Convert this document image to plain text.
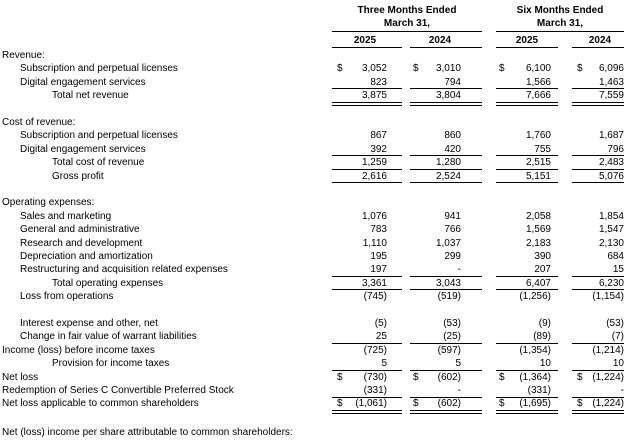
Three Months Ended
March 31,
Six Months Ended
March 31,
2025	2024	2025	2024
Revenue:
Subscription and perpetual licenses	$	3,052	$	3,010	$	6,100	$	6,096
Digital engagement services	823	794	1,566	1,463
Total net revenue	3,875	3,804	7,666	7,559
Cost of revenue:
Subscription and perpetual licenses	867	860	1,760	1,687
Digital engagement services	392	420	755	796
Total cost of revenue	1,259	1,280	2,515	2,483
Gross profit	2,616	2,524	5,151	5,076
Operating expenses:
Sales and marketing	1,076	941	2,058	1,854
General and administrative	783	766	1,569	1,547
Research and development	1,110	1,037	2,183	2,130
Depreciation and amortization	195	299	390	684
Restructuring and acquisition related expenses	197	-	207	15
Total operating expenses	3,361	3,043	6,407	6,230
Loss from operations	(745)	(519)	(1,256)	(1,154)
Interest expense and other, net	(5)	(53)	(9)	(53)
Change in fair value of warrant liabilities	25	(25)	(89)	(7)
Income (loss) before income taxes	(725)	(597)	(1,354)	(1,214)
Provision for income taxes	5	5	10	10
Net loss	$	(730)	$	(602)	$	(1,364)	$ (1,224)
Redemption of Series C Convertible Preferred Stock	(331)	-	(331)	-
Net loss applicable to common shareholders	$	(1,061)	$	(602)	$	(1,695)	$ (1,224)
Net (loss) income per share attributable to common shareholders:
